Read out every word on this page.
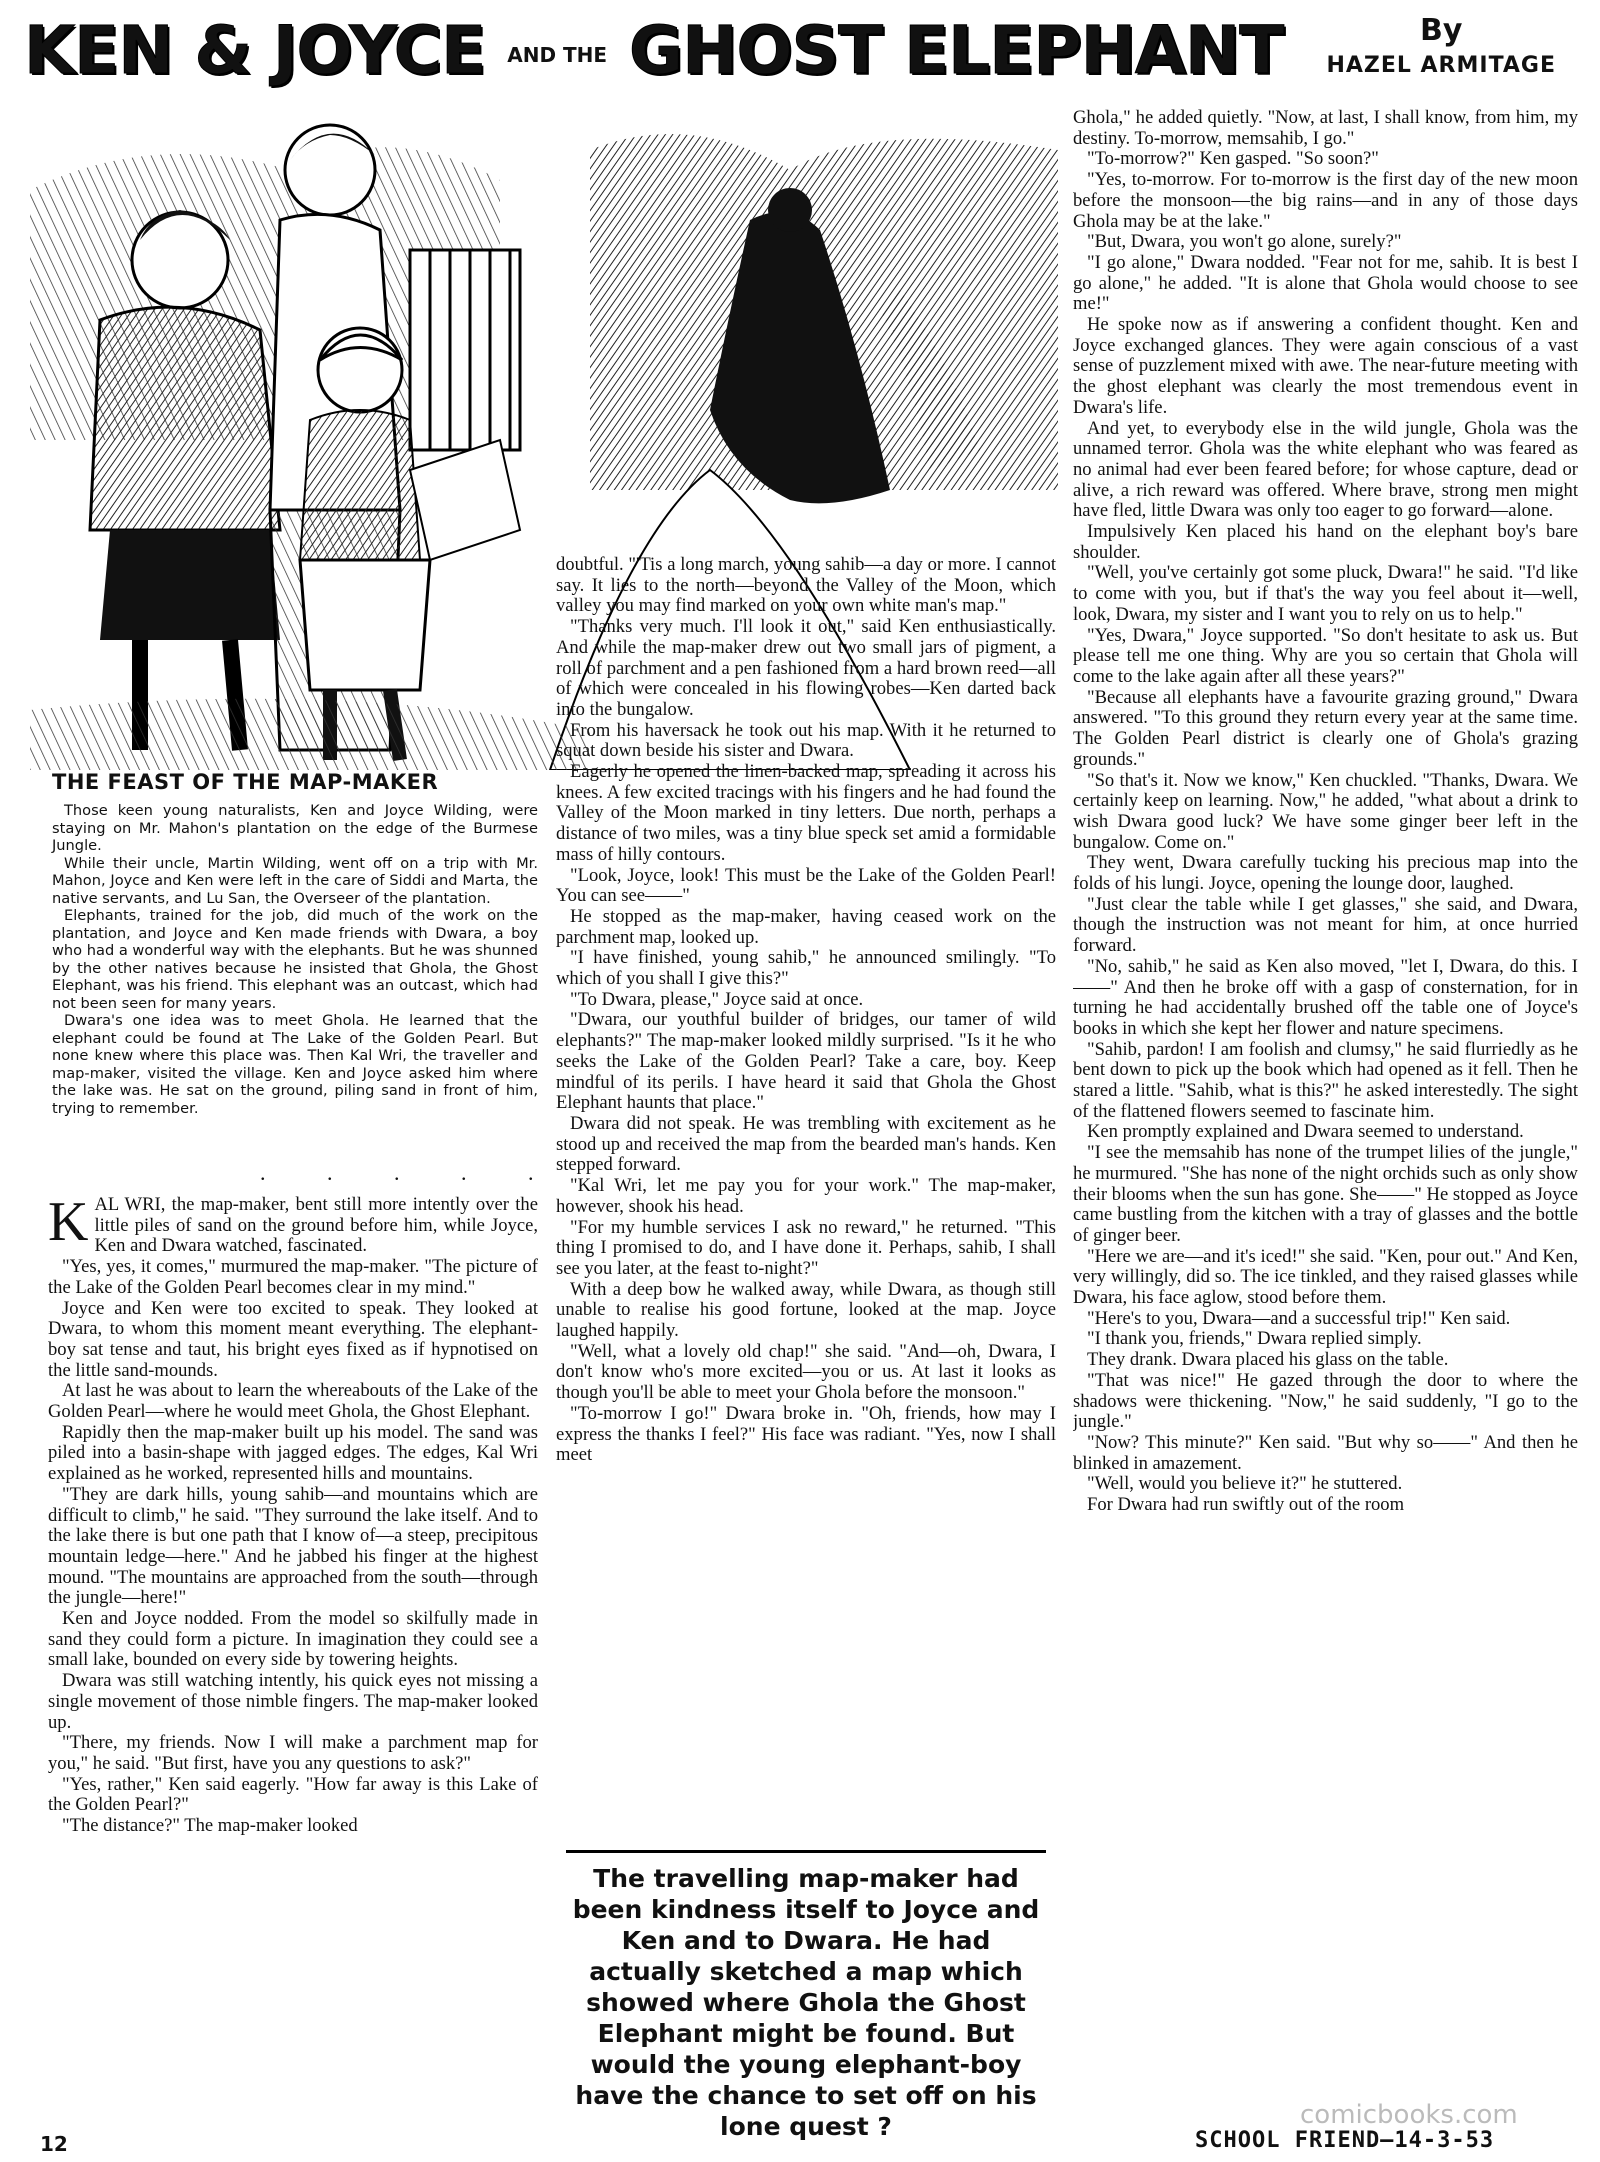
KEN & JOYCE AND THE GHOST ELEPHANT	By
HAZEL ARMITAGE
THE FEAST OF THE MAP-MAKER

Those keen young naturalists, Ken and Joyce Wilding, were staying on Mr. Mahon's plantation on the edge of the Burmese Jungle.

While their uncle, Martin Wilding, went off on a trip with Mr. Mahon, Joyce and Ken were left in the care of Siddi and Marta, the native servants, and Lu San, the Overseer of the plantation.

Elephants, trained for the job, did much of the work on the plantation, and Joyce and Ken made friends with Dwara, a boy who had a wonderful way with the elephants. But he was shunned by the other natives because he insisted that Ghola, the Ghost Elephant, was his friend. This elephant was an outcast, which had not been seen for many years.

Dwara's one idea was to meet Ghola. He learned that the elephant could be found at The Lake of the Golden Pearl. But none knew where this place was. Then Kal Wri, the traveller and map-maker, visited the village. Ken and Joyce asked him where the lake was. He sat on the ground, piling sand in front of him, trying to remember.

. . . . .

KAL WRI, the map-maker, bent still more intently over the little piles of sand on the ground before him, while Joyce, Ken and Dwara watched, fascinated.

"Yes, yes, it comes," murmured the map-maker. "The picture of the Lake of the Golden Pearl becomes clear in my mind."

Joyce and Ken were too excited to speak. They looked at Dwara, to whom this moment meant everything. The elephant-boy sat tense and taut, his bright eyes fixed as if hypnotised on the little sand-mounds.

At last he was about to learn the whereabouts of the Lake of the Golden Pearl—where he would meet Ghola, the Ghost Elephant.

Rapidly then the map-maker built up his model. The sand was piled into a basin-shape with jagged edges. The edges, Kal Wri explained as he worked, represented hills and mountains.

"They are dark hills, young sahib—and mountains which are difficult to climb," he said. "They surround the lake itself. And to the lake there is but one path that I know of—a steep, precipitous mountain ledge—here." And he jabbed his finger at the highest mound. "The mountains are approached from the south—through the jungle—here!"

Ken and Joyce nodded. From the model so skilfully made in sand they could form a picture. In imagination they could see a small lake, bounded on every side by towering heights.

Dwara was still watching intently, his quick eyes not missing a single movement of those nimble fingers. The map-maker looked up.

"There, my friends. Now I will make a parchment map for you," he said. "But first, have you any questions to ask?"

"Yes, rather," Ken said eagerly. "How far away is this Lake of the Golden Pearl?"

"The distance?" The map-maker looked

doubtful. "'Tis a long march, young sahib—a day or more. I cannot say. It lies to the north—beyond the Valley of the Moon, which valley you may find marked on your own white man's map."

"Thanks very much. I'll look it out," said Ken enthusiastically. And while the map-maker drew out two small jars of pigment, a roll of parchment and a pen fashioned from a hard brown reed—all of which were concealed in his flowing robes—Ken darted back into the bungalow.

From his haversack he took out his map. With it he returned to squat down beside his sister and Dwara.

Eagerly he opened the linen-backed map, spreading it across his knees. A few excited tracings with his fingers and he had found the Valley of the Moon marked in tiny letters. Due north, perhaps a distance of two miles, was a tiny blue speck set amid a formidable mass of hilly contours.

"Look, Joyce, look! This must be the Lake of the Golden Pearl! You can see——"

He stopped as the map-maker, having ceased work on the parchment map, looked up.

"I have finished, young sahib," he announced smilingly. "To which of you shall I give this?"

"To Dwara, please," Joyce said at once.

"Dwara, our youthful builder of bridges, our tamer of wild elephants?" The map-maker looked mildly surprised. "Is it he who seeks the Lake of the Golden Pearl? Take a care, boy. Keep mindful of its perils. I have heard it said that Ghola the Ghost Elephant haunts that place."

Dwara did not speak. He was trembling with excitement as he stood up and received the map from the bearded man's hands. Ken stepped forward.

"Kal Wri, let me pay you for your work." The map-maker, however, shook his head.

"For my humble services I ask no reward," he returned. "This thing I promised to do, and I have done it. Perhaps, sahib, I shall see you later, at the feast to-night?"

With a deep bow he walked away, while Dwara, as though still unable to realise his good fortune, looked at the map. Joyce laughed happily.

"Well, what a lovely old chap!" she said. "And—oh, Dwara, I don't know who's more excited—you or us. At last it looks as though you'll be able to meet your Ghola before the monsoon."

"To-morrow I go!" Dwara broke in. "Oh, friends, how may I express the thanks I feel?" His face was radiant. "Yes, now I shall meet

The travelling map-maker had been kindness itself to Joyce and Ken and to Dwara. He had actually sketched a map which showed where Ghola the Ghost Elephant might be found. But would the young elephant-boy have the chance to set off on his lone quest ?

Ghola," he added quietly. "Now, at last, I shall know, from him, my destiny. To-morrow, memsahib, I go."

"To-morrow?" Ken gasped. "So soon?"

"Yes, to-morrow. For to-morrow is the first day of the new moon before the monsoon—the big rains—and in any of those days Ghola may be at the lake."

"But, Dwara, you won't go alone, surely?"

"I go alone," Dwara nodded. "Fear not for me, sahib. It is best I go alone," he added. "It is alone that Ghola would choose to see me!"

He spoke now as if answering a confident thought. Ken and Joyce exchanged glances. They were again conscious of a vast sense of puzzlement mixed with awe. The near-future meeting with the ghost elephant was clearly the most tremendous event in Dwara's life.

And yet, to everybody else in the wild jungle, Ghola was the unnamed terror. Ghola was the white elephant who was feared as no animal had ever been feared before; for whose capture, dead or alive, a rich reward was offered. Where brave, strong men might have fled, little Dwara was only too eager to go forward—alone.

Impulsively Ken placed his hand on the elephant boy's bare shoulder.

"Well, you've certainly got some pluck, Dwara!" he said. "I'd like to come with you, but if that's the way you feel about it—well, look, Dwara, my sister and I want you to rely on us to help."

"Yes, Dwara," Joyce supported. "So don't hesitate to ask us. But please tell me one thing. Why are you so certain that Ghola will come to the lake again after all these years?"

"Because all elephants have a favourite grazing ground," Dwara answered. "To this ground they return every year at the same time. The Golden Pearl district is clearly one of Ghola's grazing grounds."

"So that's it. Now we know," Ken chuckled. "Thanks, Dwara. We certainly keep on learning. Now," he added, "what about a drink to wish Dwara good luck? We have some ginger beer left in the bungalow. Come on."

They went, Dwara carefully tucking his precious map into the folds of his lungi. Joyce, opening the lounge door, laughed.

"Just clear the table while I get glasses," she said, and Dwara, though the instruction was not meant for him, at once hurried forward.

"No, sahib," he said as Ken also moved, "let I, Dwara, do this. I——" And then he broke off with a gasp of consternation, for in turning he had accidentally brushed off the table one of Joyce's books in which she kept her flower and nature specimens.

"Sahib, pardon! I am foolish and clumsy," he said flurriedly as he bent down to pick up the book which had opened as it fell. Then he stared a little. "Sahib, what is this?" he asked interestedly. The sight of the flattened flowers seemed to fascinate him.

Ken promptly explained and Dwara seemed to understand.

"I see the memsahib has none of the trumpet lilies of the jungle," he murmured. "She has none of the night orchids such as only show their blooms when the sun has gone. She——" He stopped as Joyce came bustling from the kitchen with a tray of glasses and the bottle of ginger beer.

"Here we are—and it's iced!" she said. "Ken, pour out." And Ken, very willingly, did so. The ice tinkled, and they raised glasses while Dwara, his face aglow, stood before them.

"Here's to you, Dwara—and a successful trip!" Ken said.

"I thank you, friends," Dwara replied simply.

They drank. Dwara placed his glass on the table.

"That was nice!" He gazed through the door to where the shadows were thickening. "Now," he said suddenly, "I go to the jungle."

"Now? This minute?" Ken said. "But why so——" And then he blinked in amazement.

"Well, would you believe it?" he stuttered.

For Dwara had run swiftly out of the room

comicbooks.com
12	SCHOOL FRIEND—14-3-53
